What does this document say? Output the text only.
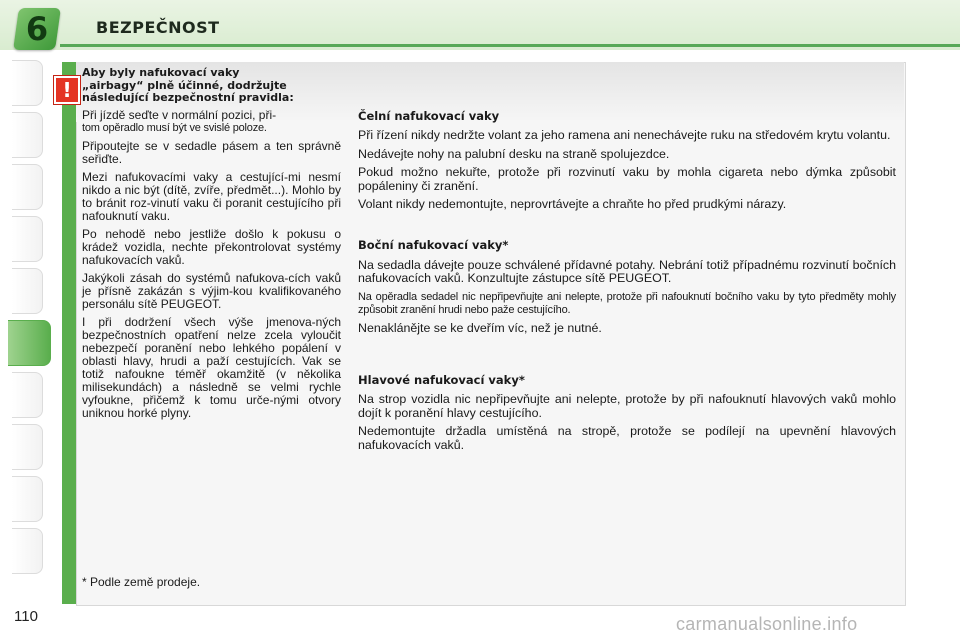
6	BEZPEČNOST
!
Aby byly nafukovací vaky
„airbagy“ plně účinné, dodržujte
následující bezpečnostní pravidla:

Při jízdě seďte v normální pozici, při-

tom opěradlo musí být ve svislé poloze.

Připoutejte se v sedadle pásem a ten správně seřiďte.

Mezi nafukovacími vaky a cestující-mi nesmí nikdo a nic být (dítě, zvíře, předmět...). Mohlo by to bránit roz-vinutí vaku či poranit cestujícího při nafouknutí vaku.

Po nehodě nebo jestliže došlo k pokusu o krádež vozidla, nechte překontrolovat systémy nafukovacích vaků.

Jakýkoli zásah do systémů nafukova-cích vaků je přísně zakázán s výjim-kou kvalifikovaného personálu sítě PEUGEOT.

I při dodržení všech výše jmenova-ných bezpečnostních opatření nelze zcela vyloučit nebezpečí poranění nebo lehkého popálení v oblasti hlavy, hrudi a paží cestujících. Vak se totiž nafoukne téměř okamžitě (v několika milisekundách) a následně se velmi rychle vyfoukne, přičemž k tomu urče-nými otvory uniknou horké plyny.

Čelní nafukovací vaky

Při řízení nikdy nedržte volant za jeho ramena ani nenechávejte ruku na středovém krytu volantu.

Nedávejte nohy na palubní desku na straně spolujezdce.

Pokud možno nekuřte, protože při rozvinutí vaku by mohla cigareta nebo dýmka způsobit popáleniny či zranění.

Volant nikdy nedemontujte, neprovrtávejte a chraňte ho před prudkými nárazy.

Boční nafukovací vaky*

Na sedadla dávejte pouze schválené přídavné potahy. Nebrání totiž případnému rozvinutí bočních nafukovacích vaků. Konzultujte zástupce sítě PEUGEOT.

Na opěradla sedadel nic nepřipevňujte ani nelepte, protože při nafouknutí bočního vaku by tyto předměty mohly způsobit zranění hrudi nebo paže cestujícího.

Nenaklánějte se ke dveřím víc, než je nutné.

Hlavové nafukovací vaky*

Na strop vozidla nic nepřipevňujte ani nelepte, protože by při nafouknutí hlavových vaků mohlo dojít k poranění hlavy cestujícího.

Nedemontujte držadla umístěná na stropě, protože se podílejí na upevnění hlavových nafukovacích vaků.

* Podle země prodeje.
110	carmanualsonline.info
